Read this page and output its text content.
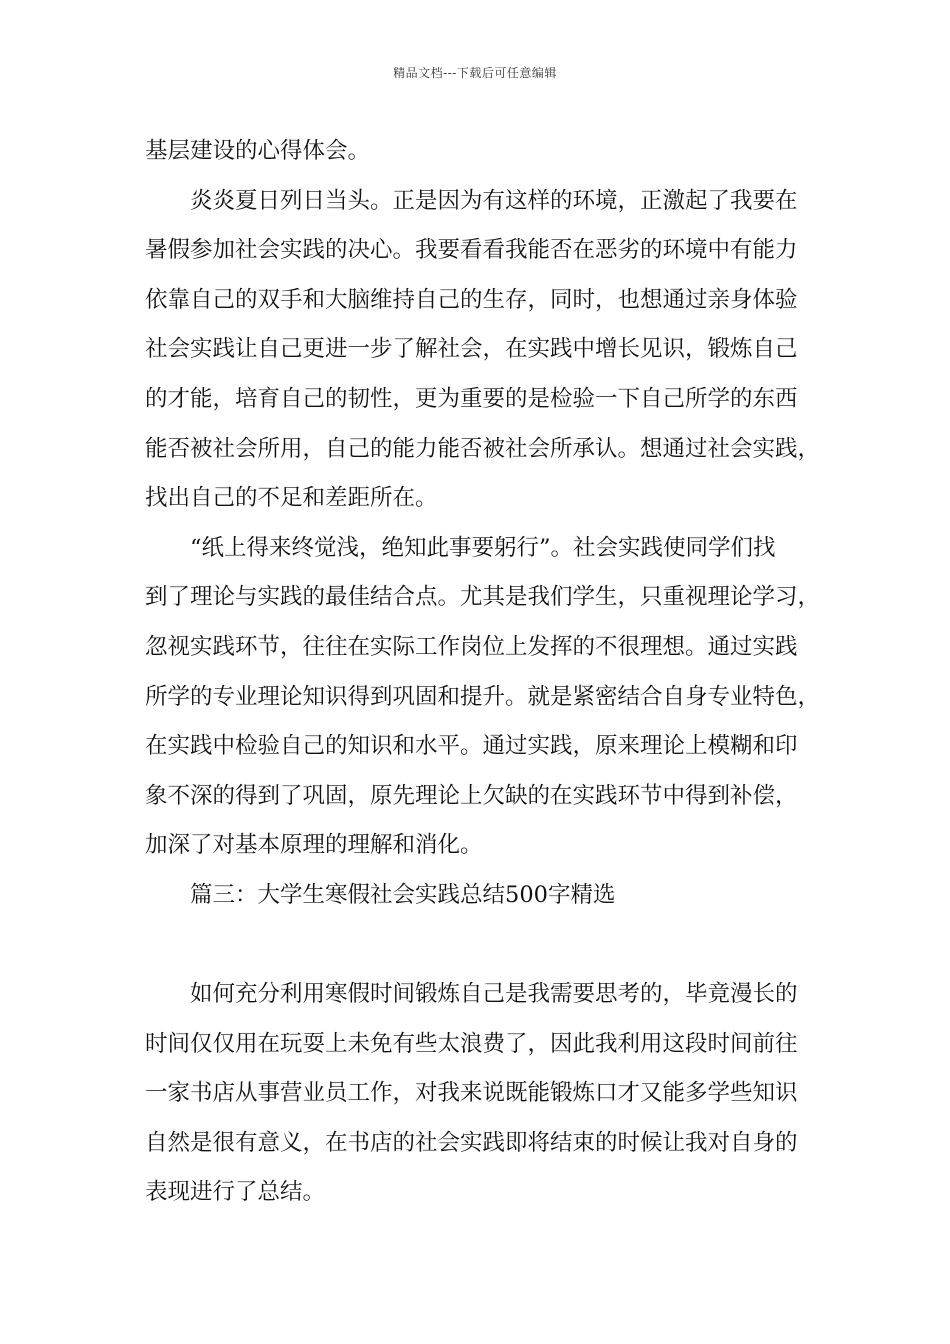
精品文档---下载后可任意编辑
基层建设的心得体会。
　　炎炎夏日列日当头。正是因为有这样的环境，正激起了我要在
暑假参加社会实践的决心。我要看看我能否在恶劣的环境中有能力
依靠自己的双手和大脑维持自己的生存，同时，也想通过亲身体验
社会实践让自己更进一步了解社会，在实践中增长见识，锻炼自己
的才能，培育自己的韧性，更为重要的是检验一下自己所学的东西
能否被社会所用，自己的能力能否被社会所承认。想通过社会实践，
找出自己的不足和差距所在。
　　“纸上得来终觉浅，绝知此事要躬行”。社会实践使同学们找
到了理论与实践的最佳结合点。尤其是我们学生，只重视理论学习，
忽视实践环节，往往在实际工作岗位上发挥的不很理想。通过实践
所学的专业理论知识得到巩固和提升。就是紧密结合自身专业特色，
在实践中检验自己的知识和水平。通过实践，原来理论上模糊和印
象不深的得到了巩固，原先理论上欠缺的在实践环节中得到补偿，
加深了对基本原理的理解和消化。
　　篇三：大学生寒假社会实践总结500字精选
　　如何充分利用寒假时间锻炼自己是我需要思考的，毕竟漫长的
时间仅仅用在玩耍上未免有些太浪费了，因此我利用这段时间前往
一家书店从事营业员工作，对我来说既能锻炼口才又能多学些知识
自然是很有意义，在书店的社会实践即将结束的时候让我对自身的
表现进行了总结。
